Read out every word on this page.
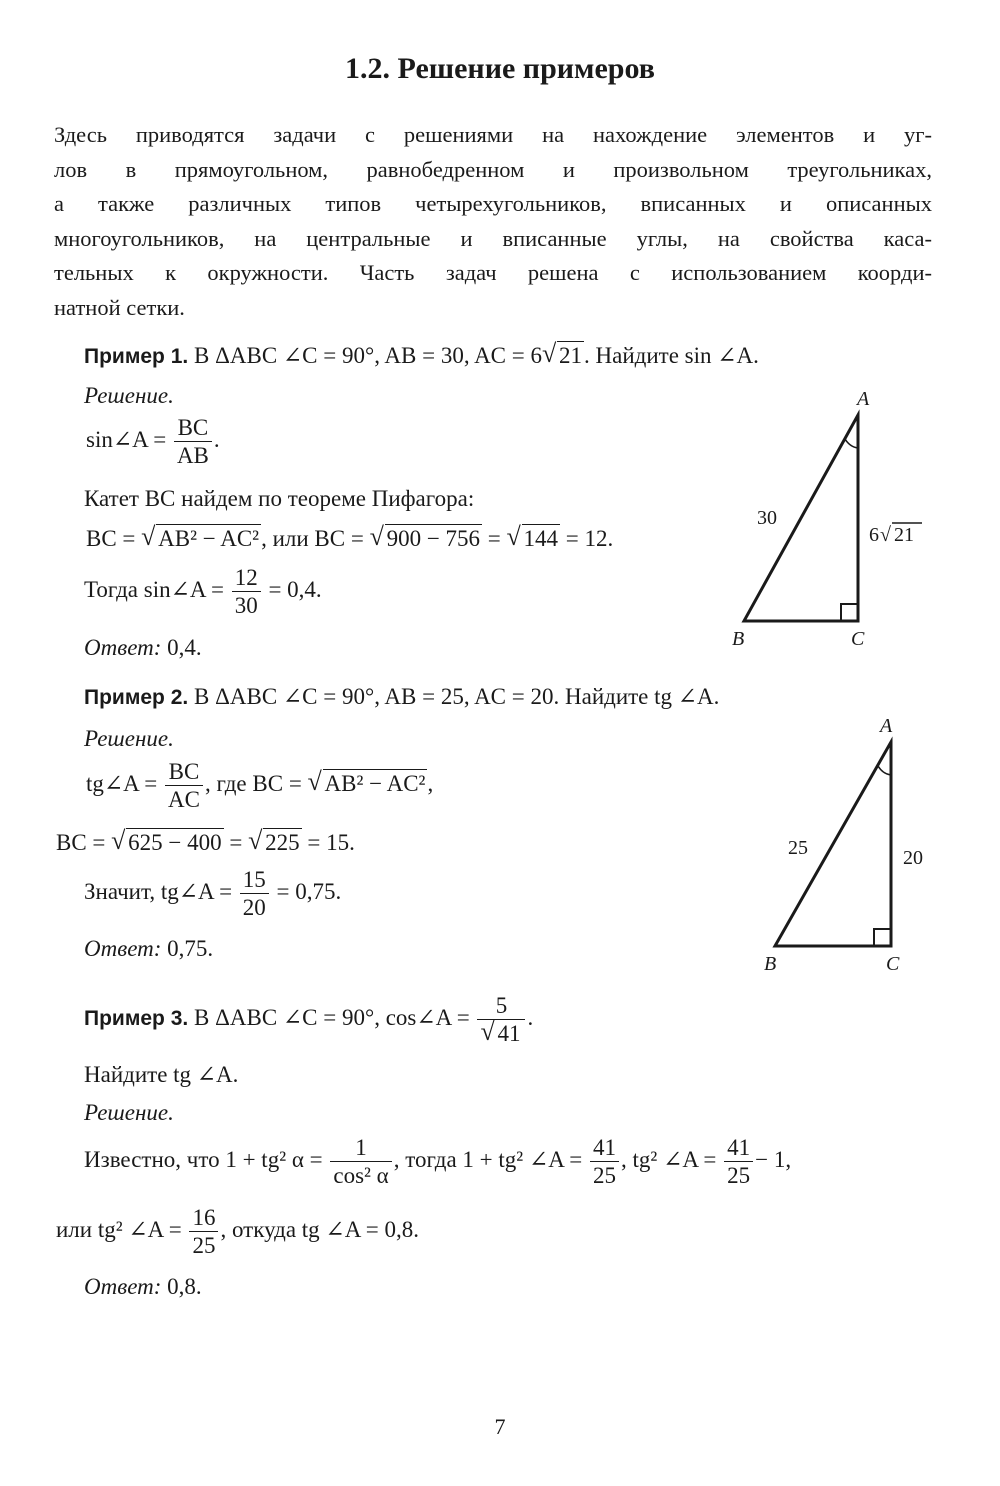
1.2. Решение примеров
Здесь приводятся задачи с решениями на нахождение элементов и уг-
лов в прямоугольном, равнобедренном и произвольном треугольниках,
а также различных типов четырехугольников, вписанных и описанных
многоугольников, на центральные и вписанные углы, на свойства каса-
тельных к окружности. Часть задач решена с использованием коорди-
натной сетки.
Пример 1. В ΔABC ∠C = 90°, AB = 30, AC = 6 √ 21. Найдите sin ∠A.
Решение.
sin∠A = $\frac{BC}{AB}$ .
Катет BC найдем по теореме Пифагора:
BC = √ AB² − AC², или BC = √ 900 − 756 = √ 144 = 12.
Тогда sin∠A = $\frac{12}{30} = 0,4$.
Ответ: 0,4.
A
B	C
30
6 √ 21
Пример 2. В ΔABC ∠C = 90°, AB = 25, AC = 20. Найдите tg ∠A.
Решение.
tg∠A = $\frac{BC}{AC}$ , где BC = √ AB² − AC²,
BC = √ 625 − 400 = √ 225 = 15.
Значит, tg∠A = $\frac{15}{20} = 0,75$.
Ответ: 0,75.
A
B	C
25	20
Пример 3. В ΔABC ∠C = 90°, cos∠A = 5
√ 41 .
Найдите tg ∠A.
Решение.
Известно, что 1 + tg² $\alpha = \frac{1}{\text{cos² α}}$ , тогда 1 + tg² ∠A = $\frac{41}{25}$ , tg² ∠A = $\frac{41}{25} - 1$,
или tg² ∠A = $\frac{16}{25}$ , откуда tg ∠A = 0,8.
Ответ: 0,8.
7
